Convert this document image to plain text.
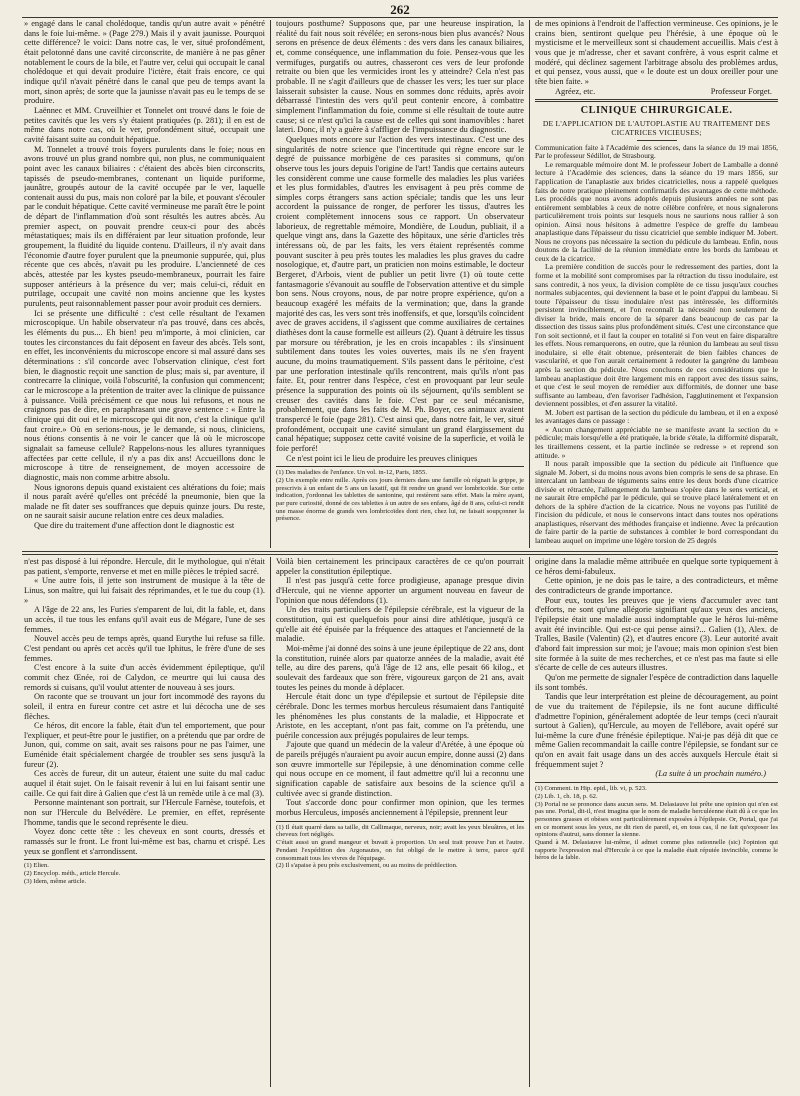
262

» engagé dans le canal cholédoque, tandis qu'un autre avait » pénétré dans le foie lui-même. » (Page 279.) Mais il y avait jaunisse. Pourquoi cette différence? le voici: Dans notre cas, le ver, situé profondément, était pelotonné dans une cavité circonscrite, de manière à ne pas gêner notablement le cours de la bile, et l'autre ver, celui qui occupait le canal cholédoque et qui devait produire l'ictère, était frais encore, ce qui indique qu'il n'avait pénétré dans le canal que peu de temps avant la mort, sinon après; de sorte que la jaunisse n'avait pas eu le temps de se produire.

Laënnec et MM. Cruveilhier et Tonnelet ont trouvé dans le foie de petites cavités que les vers s'y étaient pratiquées (p. 281); il en est de même dans notre cas, où le ver, profondément situé, occupait une cavité faisant suite au conduit hépatique.

M. Tonnelet a trouvé trois foyers purulents dans le foie; nous en avons trouvé un plus grand nombre qui, non plus, ne communiquaient point avec les canaux biliaires : c'étaient des abcès bien circonscrits, tapissés de pseudo-membranes, contenant un liquide puriforme, jaunâtre, groupés autour de la cavité occupée par le ver, laquelle contenait aussi du pus, mais non coloré par la bile, et pouvant s'écouler par le conduit hépatique. Cette cavité vermineuse me paraît être le point de départ de l'inflammation d'où sont résultés les autres abcès. Au premier aspect, on pouvait prendre ceux-ci pour des abcès métastatiques; mais ils en différaient par leur situation profonde, leur groupement, la fluidité du liquide contenu. D'ailleurs, il n'y avait dans l'économie d'autre foyer purulent que la pneumonie suppurée, qui, plus récente que ces abcès, n'avait pu les produire. L'ancienneté de ces abcès, attestée par les kystes pseudo-membraneux, pourrait les faire supposer antérieurs à la présence du ver; mais celui-ci, réduit en putrilage, occupait une cavité non moins ancienne que les kystes purulents, peut raisonnablement passer pour avoir produit ces derniers.

Ici se présente une difficulté : c'est celle résultant de l'examen microscopique. Un habile observateur n'a pas trouvé, dans ces abcès, les éléments du pus.... Eh bien! peu m'importe, à moi clinicien, car toutes les circonstances du fait déposent en faveur des abcès. Tels sont, en effet, les inconvénients du microscope encore si mal assuré dans ses déterminations : s'il concorde avec l'observation clinique, c'est fort bien, le diagnostic reçoit une sanction de plus; mais si, par aventure, il contrecarre la clinique, voilà l'obscurité, la confusion qui commencent; car le microscope a la prétention de traiter avec la clinique de puissance à puissance. Voilà précisément ce que nous lui refusons, et nous ne craignons pas de dire, en paraphrasant une grave sentence : « Entre la clinique qui dit oui et le microscope qui dit non, c'est la clinique qu'il faut croire.» Où en serions-nous, je le demande, si nous, cliniciens, nous étions consentis à ne voir le cancer que là où le microscope signalait sa fameuse cellule? Rappelons-nous les allures tyranniques affectées par cette cellule, il n'y a pas dix ans! Accueillons donc le microscope à titre de renseignement, de moyen accessoire de diagnostic, mais non comme arbitre absolu.

Nous ignorons depuis quand existaient ces altérations du foie; mais il nous paraît avéré qu'elles ont précédé la pneumonie, bien que la malade ne fît dater ses souffrances que depuis quinze jours. Du reste, on ne saurait saisir aucune relation entre ces deux maladies.

Que dire du traitement d'une affection dont le diagnostic est

toujours posthume? Supposons que, par une heureuse inspiration, la réalité du fait nous soit révélée; en serons-nous bien plus avancés? Nous serons en présence de deux éléments : des vers dans les canaux biliaires, et, comme conséquence, une inflammation du foie. Pensez-vous que les vermifuges, purgatifs ou autres, chasseront ces vers de leur profonde retraite ou bien que les vermicides iront les y atteindre? Cela n'est pas probable. Il ne s'agit d'ailleurs que de chasser les vers; les tuer sur place laisserait subsister la cause. Nous en sommes donc réduits, après avoir débarrassé l'intestin des vers qu'il peut contenir encore, à combattre simplement l'inflammation du foie, comme si elle résultait de toute autre cause; si ce n'est qu'ici la cause est de celles qui sont inamovibles : haret lateri. Donc, il n'y a guère à s'affliger de l'impuissance du diagnostic.

Quelques mots encore sur l'action des vers intestinaux. C'est une des singularités de notre science que l'incertitude qui règne encore sur le degré de puissance morbigène de ces parasites si communs, qu'on observe tous les jours depuis l'origine de l'art! Tandis que certains auteurs les considèrent comme une cause formelle des maladies les plus variées et les plus formidables, d'autres les envisagent à peu près comme de simples corps étrangers sans action spéciale; tandis que les uns leur accordent la puissance de ronger, de perforer les tissus, d'autres les croient complètement innocens sous ce rapport. Un observateur laborieux, de regrettable mémoire, Mondière, de Loudun, publiait, il a quelque vingt ans, dans la Gazette des hôpitaux, une série d'articles très intéressans où, de par les faits, les vers étaient représentés comme pouvant susciter à peu près toutes les maladies les plus graves du cadre nosologique, et, d'autre part, un praticien non moins estimable, le docteur Bergeret, d'Arbois, vient de publier un petit livre (1) où toute cette fantasmagorie s'évanouit au souffle de l'observation attentive et du simple bon sens. Nous croyons, nous, de par notre propre expérience, qu'on a beaucoup exagéré les méfaits de la vermination; que, dans la grande majorité des cas, les vers sont très inoffensifs, et que, lorsqu'ils coïncident avec de graves accidens, il s'agissent que comme auxiliaires de certaines diathèses dont la cause formelle est ailleurs (2). Quant à détruire les tissus par morsure ou térébration, je les en crois incapables : ils s'insinuent subtilement dans toutes les voies ouvertes, mais ils ne s'en frayent aucune, du moins traumatiquement. S'ils passent dans le péritoine, c'est par une perforation intestinale qu'ils rencontrent, mais qu'ils n'ont pas faite. Et, pour rentrer dans l'espèce, c'est en provoquant par leur seule présence la suppuration des points où ils séjournent, qu'ils semblent se creuser des cavités dans le foie. C'est par ce seul mécanisme, probablement, que dans les faits de M. Ph. Boyer, ces animaux avaient transpercé le foie (page 281). C'est ainsi que, dans notre fait, le ver, situé profondément, occupait une cavité simulant un grand élargissement du canal hépatique; supposez cette cavité voisine de la superficie, et voilà le foie perforé!

Ce n'est point ici le lieu de produire les preuves cliniques

(1) Des maladies de l'enfance. Un vol. in-12, Paris, 1855.

(2) Un exemple entre mille. Après ces jours derniers dans une famille où régnait la grippe, je prescrivis à un enfant de 5 ans un laxatif, qui fit rendre un grand ver lombricoïde. Sur cette indication, j'ordonnai les tablettes de santonine, qui restèrent sans effet. Mais la mère ayant, par pure curiosité, donné de ces tablettes à un autre de ses enfans, âgé de 8 ans, celui-ci rendit une masse énorme de grands vers lombricoïdes dont rien, chez lui, ne faisait soupçonner la présence.

de mes opinions à l'endroit de l'affection vermineuse. Ces opinions, je le crains bien, sentiront quelque peu l'hérésie, à une époque où le mysticisme et le merveilleux sont si chaudement accueillis. Mais c'est à vous que je m'adresse, cher et savant confrère, à vous esprit calme et modéré, qui déclinez sagement l'arbitrage absolu des problèmes ardus, et qui pensez, vous aussi, que « le doute est un doux oreiller pour une tête bien faite. »

Agréez, etc.	Professeur Forget.
CLINIQUE CHIRURGICALE.
DE L'APPLICATION DE L'AUTOPLASTIE AU TRAITEMENT DES
CICATRICES VICIEUSES;

Communication faite à l'Académie des sciences, dans la séance du 19 mai 1856, Par le professeur Sédillot, de Strasbourg.

Le remarquable mémoire dont M. le professeur Jobert de Lamballe a donné lecture à l'Académie des sciences, dans la séance du 19 mars 1856, sur l'application de l'anaplastie aux brides cicatricielles, nous a rappelé quelques faits de notre pratique pleinement confirmatifs des avantages de cette méthode. Les procédés que nous avons adoptés depuis plusieurs années ne sont pas entièrement semblables à ceux de notre célèbre confrère, et nous signalerons particulièrement trois points sur lesquels nous ne saurions nous rallier à son opinion. Ainsi nous hésitons à admettre l'espèce de greffe du lambeau anaplastique dans l'épaisseur du tissu cicatriciel que semble indiquer M. Jobert. Nous ne croyons pas nécessaire la section du pédicule du lambeau. Enfin, nous doutons de la facilité de la réunion immédiate entre les bords du lambeau et ceux de la cicatrice.

La première condition de succès pour le redressement des parties, dont la forme et la mobilité sont compromises par la rétraction du tissu inodulaire, est sans contredit, à nos yeux, la division complète de ce tissu jusqu'aux couches normales subjacentes, qui deviennent la base et le point d'appui du lambeau. Si toute l'épaisseur du tissu inodulaire n'est pas intéressée, les difformités persistent invinciblement, et l'on reconnaît la nécessité non seulement de diviser la bride, mais encore de la séparer dans beaucoup de cas par la dissection des tissus sains plus profondément situés. C'est une circonstance que l'on soit sectionné, et il faut la couper en totalité si l'on veut en faire disparaître les effets. Nous remarquerons, en outre, que la réunion du lambeau au seul tissu inodulaire, si elle était obtenue, présenterait de bien faibles chances de vascularité, et que l'on aurait certainement à redouter la gangrène du lambeau après la section du pédicule. Nous concluons de ces considérations que le lambeau anaplastique doit être largement mis en rapport avec des tissus sains, et que c'est le seul moyen de remédier aux difformités, de donner une base suffisante au lambeau, d'en favoriser l'adhésion, l'agglutinement et l'expansion deviennent possibles, et d'en assurer la vitalité.

M. Jobert est partisan de la section du pédicule du lambeau, et il en a exposé les avantages dans ce passage :

« Aucun changement appréciable ne se manifeste avant la section du » pédicule; mais lorsqu'elle a été pratiquée, la bride s'étale, la difformité disparaît, les tiraillemens cessent, et la partie inclinée se redresse » et reprend son attitude. »

Il nous paraît impossible que la section du pédicule ait l'influence que signale M. Jobert, si du moins nous avons bien compris le sens de sa phrase. En intercalant un lambeau de téguments sains entre les deux bords d'une cicatrice divisée et rétractée, l'allongement du lambeau s'opère dans le sens vertical, et ne saurait être empêché par le pédicule, qui se trouve placé latéralement et en dehors de la sphère d'action de la cicatrice. Nous ne voyons pas l'utilité de l'incision du pédicule, et nous le conservons intact dans toutes nos opérations anaplastiques, réservant des méthodes française et indienne. Avec la précaution de faire partir de la partie de substances à combler le bord correspondant du lambeau auquel on imprime une légère torsion de 25 degrés

n'est pas disposé à lui répondre. Hercule, dit le mythologue, qui n'était pas patient, s'emporte, renverse et met en mille pièces le trépied sacré.

« Une autre fois, il jette son instrument de musique à la tête de Linus, son maître, qui lui faisait des réprimandes, et le tue du coup (1). »

A l'âge de 22 ans, les Furies s'emparent de lui, dit la fable, et, dans un accès, il tue tous les enfans qu'il avait eus de Mégare, l'une de ses femmes.

Nouvel accès peu de temps après, quand Eurythe lui refuse sa fille. C'est pendant ou après cet accès qu'il tue Iphitus, le frère d'une de ses femmes.

C'est encore à la suite d'un accès évidemment épileptique, qu'il commit chez Œnée, roi de Calydon, ce meurtre qui lui causa des remords si cuisans, qu'il voulut attenter de nouveau à ses jours.

On raconte que se trouvant un jour fort incommodé des rayons du soleil, il entra en fureur contre cet astre et lui décocha une de ses flèches.

Ce héros, dit encore la fable, était d'un tel emportement, que pour l'expliquer, et peut-être pour le justifier, on a prétendu que par ordre de Junon, qui, comme on sait, avait ses raisons pour ne pas l'aimer, une Euménide était spécialement chargée de troubler ses sens jusqu'à la fureur (2).

Ces accès de fureur, dit un auteur, étaient une suite du mal caduc auquel il était sujet. On le faisait revenir à lui en lui faisant sentir une caille. Ce qui fait dire à Galien que c'est là un remède utile à ce mal (3).

Personne maintenant son portrait, sur l'Hercule Farnèse, toutefois, et non sur l'Hercule du Belvédère. Le premier, en effet, représente l'homme, tandis que le second représente le dieu.

Voyez donc cette tête : les cheveux en sont courts, dressés et ramassés sur le front. Le front lui-même est bas, charnu et crispé. Les yeux se gonflent et s'arrondissent.

(1) Elien.

(2) Encyclop. méth., article Hercule.

(3) Idem, même article.

Voilà bien certainement les principaux caractères de ce qu'on pourrait appeler la constitution épileptique.

Il n'est pas jusqu'à cette force prodigieuse, apanage presque divin d'Hercule, qui ne vienne apporter un argument nouveau en faveur de l'opinion que nous défendons (1).

Un des traits particuliers de l'épilepsie cérébrale, est la vigueur de la constitution, qui est quelquefois pour ainsi dire athlétique, jusqu'à ce qu'elle ait été épuisée par la fréquence des attaques et l'ancienneté de la maladie.

Moi-même j'ai donné des soins à une jeune épileptique de 22 ans, dont la constitution, ruinée alors par quatorze années de la maladie, avait été telle, au dire des parens, qu'à l'âge de 12 ans, elle pesait 66 kilog., et soulevait des fardeaux que son frère, vigoureux garçon de 21 ans, avait toutes les peines du monde à déplacer.

Hercule était donc un type d'épilepsie et surtout de l'épilepsie dite cérébrale. Donc les termes morbus herculeus résumaient dans l'antiquité les phénomènes les plus constants de la maladie, et Hippocrate et Aristote, en les acceptant, n'ont pas fait, comme on l'a prétendu, une puérile concession aux préjugés populaires de leur temps.

J'ajoute que quand un médecin de la valeur d'Arétée, à une époque où de pareils préjugés n'auraient pu avoir aucun empire, donne aussi (2) dans son œuvre immortelle sur l'épilepsie, à une dénomination comme celle qui nous occupe en ce moment, il faut admettre qu'il lui a reconnu une signification capable de satisfaire aux besoins de la science qu'il a cultivée avec si grande distinction.

Tout s'accorde donc pour confirmer mon opinion, que les termes morbus Herculeus, imposés anciennement à l'épilepsie, prennent leur

(1) Il était quarré dans sa taille, dit Callimaque, nerveux, noir; avait les yeux bleuâtres, et les cheveux fort négligés.

C'était aussi un grand mangeur et buvait à proportion. Un seul trait prouve l'un et l'autre. Pendant l'expédition des Argonautes, on fut obligé de le mettre à terre, parce qu'il consommait tous les vivres de l'équipage.

(2) Il s'apaise à peu près exclusivement, ou au moins de prédilection.

origine dans la maladie même attribuée en quelque sorte typiquement à ce héros demi-fabuleux.

Cette opinion, je ne dois pas le taire, a des contradicteurs, et même des contradicteurs de grande importance.

Pour eux, toutes les preuves que je viens d'accumuler avec tant d'efforts, ne sont qu'une allégorie signifiant qu'aux yeux des anciens, l'épilepsie était une maladie aussi indomptable que le héros lui-même avait été invincible. Qui est-ce qui pense ainsi?... Galien (1), Alex. de Tralles, Basile (Valentin) (2), et d'autres encore (3). Leur autorité avait d'abord fait impression sur moi; je l'avoue; mais mon opinion s'est bien site formée à la suite de mes recherches, et ce n'est pas ma faute si elle s'écarte de celle de ces auteurs illustres.

Qu'on me permette de signaler l'espèce de contradiction dans laquelle ils sont tombés.

Tandis que leur interprétation est pleine de découragement, au point de vue du traitement de l'épilepsie, ils ne font aucune difficulté d'admettre l'opinion, généralement adoptée de leur temps (ceci n'aurait surtout à Galien), qu'Hercule, au moyen de l'ellébore, avait opéré sur lui-même la cure d'une frénésie épileptique. N'ai-je pas déjà dit que ce même Galien recommandait la caille contre l'épilepsie, se fondant sur ce qu'on en avait fait usage dans un des accès auxquels Hercule était si fréquemment sujet ?

(La suite à un prochain numéro.)

(1) Comment. in Hip. epid., lib. vi, p. 523.

(2) Lib. 1, ch. 18, p. 62.

(3) Portal ne se prononce dans aucun sens. M. Delasiauve lui prête une opinion qui n'en est pas une. Portal, dit-il, n'est imagina que le nom de maladie herculéenne était dû à ce que les personnes grasses et obèses sont particulièrement exposées à l'épilepsie. Or, Portal, que j'ai en ce moment sous les yeux, ne dit rien de pareil, et, en tous cas, il ne fait qu'exposer les opinions d'autrui, sans donner la sienne.

Quand à M. Delasiauve lui-même, il admet comme plus rationnelle (sic) l'opinion qui rapporte l'expression mal d'Hercule à ce que la maladie était réputée invincible, comme le héros de la fable.
